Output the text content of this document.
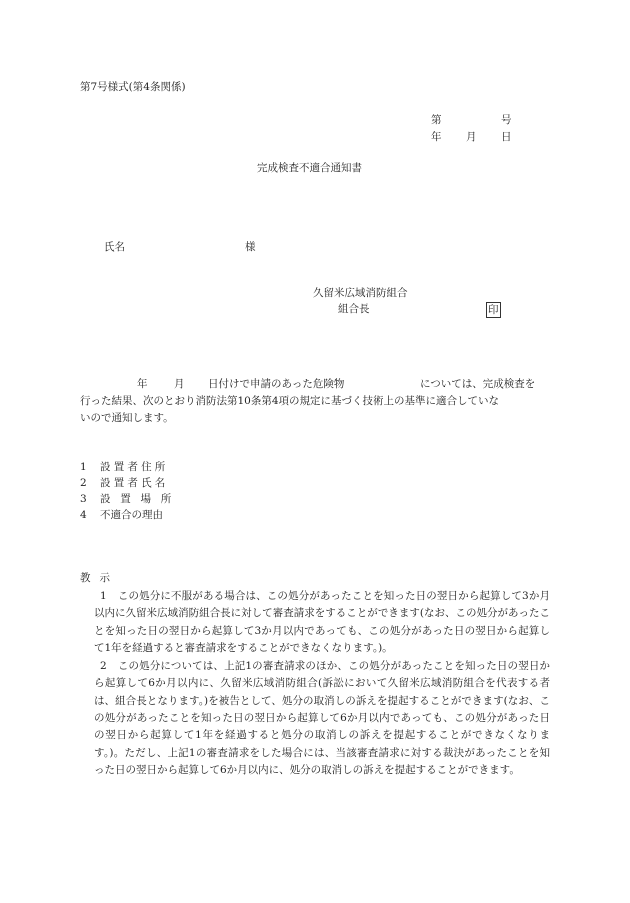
第7号様式(第4条関係)
第	号
年 月 日
完成検査不適合通知書
氏名	様
久留米広域消防組合
組合長	印
年	月 日付けで申請のあった危険物	については、完成検査を
行った結果、次のとおり消防法第10条第4項の規定に基づく技術上の基準に適合していな
いので通知します。
1 設置者住所
2 設置者氏名
3 設 置 場 所
4 不適合の理由
教示
1 この処分に不服がある場合は、この処分があったことを知った日の翌日から起算して3か月以内に久留米広域消防組合長に対して審査請求をすることができます(なお、この処分があったことを知った日の翌日から起算して3か月以内であっても、この処分があった日の翌日から起算して1年を経過すると審査請求をすることができなくなります。)。
2 この処分については、上記1の審査請求のほか、この処分があったことを知った日の翌日から起算して6か月以内に、久留米広域消防組合(訴訟において久留米広域消防組合を代表する者は、組合長となります。)を被告として、処分の取消しの訴えを提起することができます(なお、この処分があったことを知った日の翌日から起算して6か月以内であっても、この処分があった日の翌日から起算して1年を経過すると処分の取消しの訴えを提起することができなくなります。)。ただし、上記1の審査請求をした場合には、当該審査請求に対する裁決があったことを知った日の翌日から起算して6か月以内に、処分の取消しの訴えを提起することができます。
